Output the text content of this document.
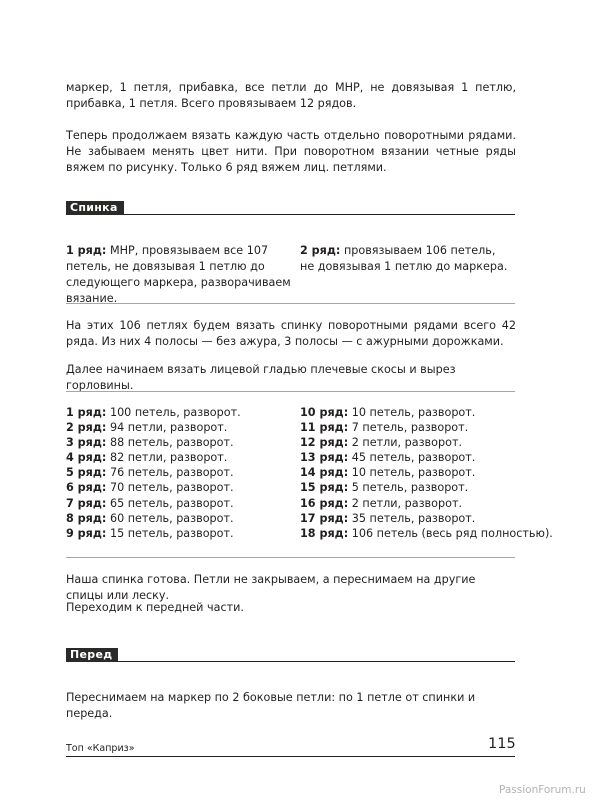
маркер, 1 петля, прибавка, все петли до МНР, не довязывая 1 петлю, прибавка, 1 петля. Всего провязываем 12 рядов.

Теперь продолжаем вязать каждую часть отдельно поворотными рядами. Не забываем менять цвет нити. При поворотном вязании четные ряды вяжем по рисунку. Только 6 ряд вяжем лиц. петлями.

Спинка
1 ряд: МНР, провязываем все 107 петель, не довязывая 1 петлю до следующего маркера, разворачиваем вязание.
2 ряд: провязываем 106 петель, не довязывая 1 петлю до маркера.

На этих 106 петлях будем вязать спинку поворотными рядами всего 42 ряда. Из них 4 полосы — без ажура, 3 полосы — с ажурными дорожками.

Далее начинаем вязать лицевой гладью плечевые скосы и вырез горловины.

1 ряд: 100 петель, разворот.
2 ряд: 94 петли, разворот.
3 ряд: 88 петель, разворот.
4 ряд: 82 петли, разворот.
5 ряд: 76 петель, разворот.
6 ряд: 70 петель, разворот.
7 ряд: 65 петель, разворот.
8 ряд: 60 петель, разворот.
9 ряд: 15 петель, разворот.
10 ряд: 10 петель, разворот.
11 ряд: 7 петель, разворот.
12 ряд: 2 петли, разворот.
13 ряд: 45 петель, разворот.
14 ряд: 10 петель, разворот.
15 ряд: 5 петель, разворот.
16 ряд: 2 петли, разворот.
17 ряд: 35 петель, разворот.
18 ряд: 106 петель (весь ряд полностью).

Наша спинка готова. Петли не закрываем, а переснимаем на другие спицы или леску.

Переходим к передней части.

Перед

Переснимаем на маркер по 2 боковые петли: по 1 петле от спинки и переда.

Топ «Каприз»	115
PassionForum.ru
